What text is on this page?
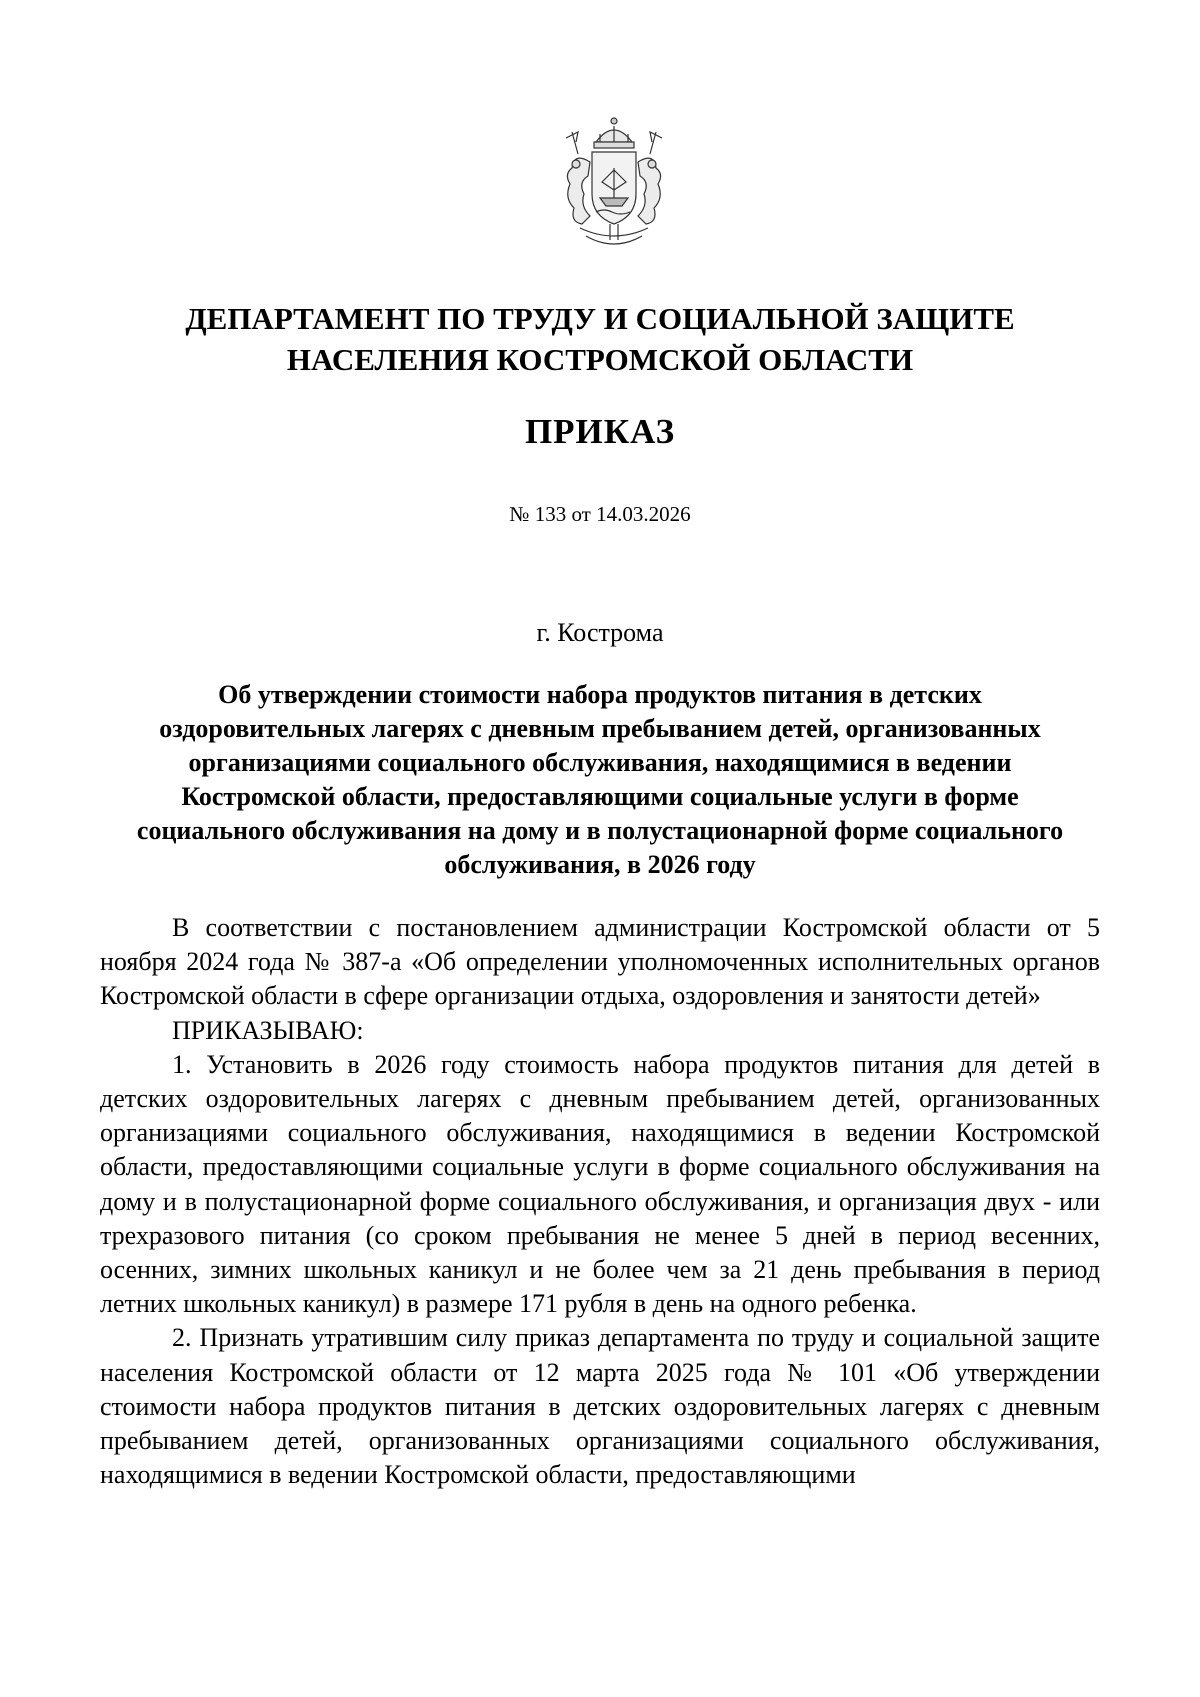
ДЕПАРТАМЕНТ ПО ТРУДУ И СОЦИАЛЬНОЙ ЗАЩИТЕ
НАСЕЛЕНИЯ КОСТРОМСКОЙ ОБЛАСТИ
ПРИКАЗ
№ 133 от 14.03.2026
г. Кострома
Об утверждении стоимости набора продуктов питания в детских
оздоровительных лагерях с дневным пребыванием детей, организованных
организациями социального обслуживания, находящимися в ведении
Костромской области, предоставляющими социальные услуги в форме
социального обслуживания на дому и в полустационарной форме социального
обслуживания, в 2026 году

В соответствии с постановлением администрации Костромской области от 5 ноября 2024 года № 387-а «Об определении уполномоченных исполнительных органов Костромской области в сфере организации отдыха, оздоровления и занятости детей»

ПРИКАЗЫВАЮ:

1. Установить в 2026 году стоимость набора продуктов питания для детей в детских оздоровительных лагерях с дневным пребыванием детей, организованных организациями социального обслуживания, находящимися в ведении Костромской области, предоставляющими социальные услуги в форме социального обслуживания на дому и в полустационарной форме социального обслуживания, и организация двух - или трехразового питания (со сроком пребывания не менее 5 дней в период весенних, осенних, зимних школьных каникул и не более чем за 21 день пребывания в период летних школьных каникул) в размере 171 рубля в день на одного ребенка.

2. Признать утратившим силу приказ департамента по труду и социальной защите населения Костромской области от 12 марта 2025 года № 101 «Об утверждении стоимости набора продуктов питания в детских оздоровительных лагерях с дневным пребыванием детей, организованных организациями социального обслуживания, находящимися в ведении Костромской области, предоставляющими
